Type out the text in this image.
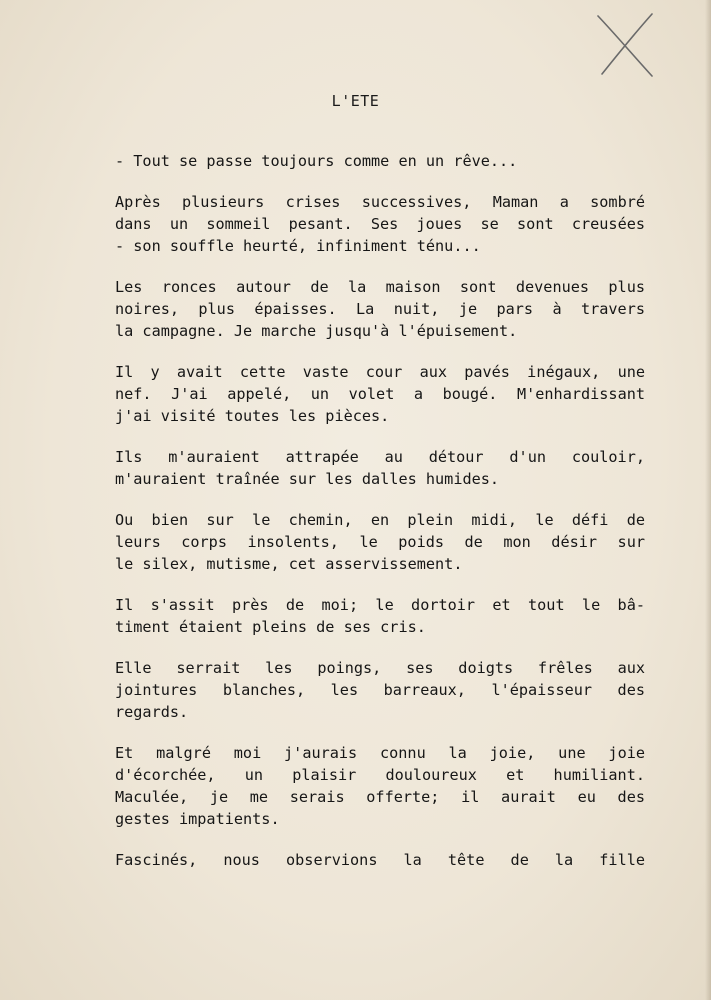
L'ETE
- Tout se passe toujours comme en un rêve...
Après plusieurs crises successives, Maman a sombré
dans un sommeil pesant. Ses joues se sont creusées
- son souffle heurté, infiniment ténu...
Les ronces autour de la maison sont devenues plus
noires, plus épaisses. La nuit, je pars à travers
la campagne. Je marche jusqu'à l'épuisement.
Il y avait cette vaste cour aux pavés inégaux, une
nef. J'ai appelé, un volet a bougé. M'enhardissant
j'ai visité toutes les pièces.
Ils m'auraient attrapée au détour d'un couloir,
m'auraient traînée sur les dalles humides.
Ou bien sur le chemin, en plein midi, le défi de
leurs corps insolents, le poids de mon désir sur
le silex, mutisme, cet asservissement.
Il s'assit près de moi; le dortoir et tout le bâ-
timent étaient pleins de ses cris.
Elle serrait les poings, ses doigts frêles aux
jointures blanches, les barreaux, l'épaisseur des
regards.
Et malgré moi j'aurais connu la joie, une joie
d'écorchée, un plaisir douloureux et humiliant.
Maculée, je me serais offerte; il aurait eu des
gestes impatients.
Fascinés, nous observions la tête de la fille
